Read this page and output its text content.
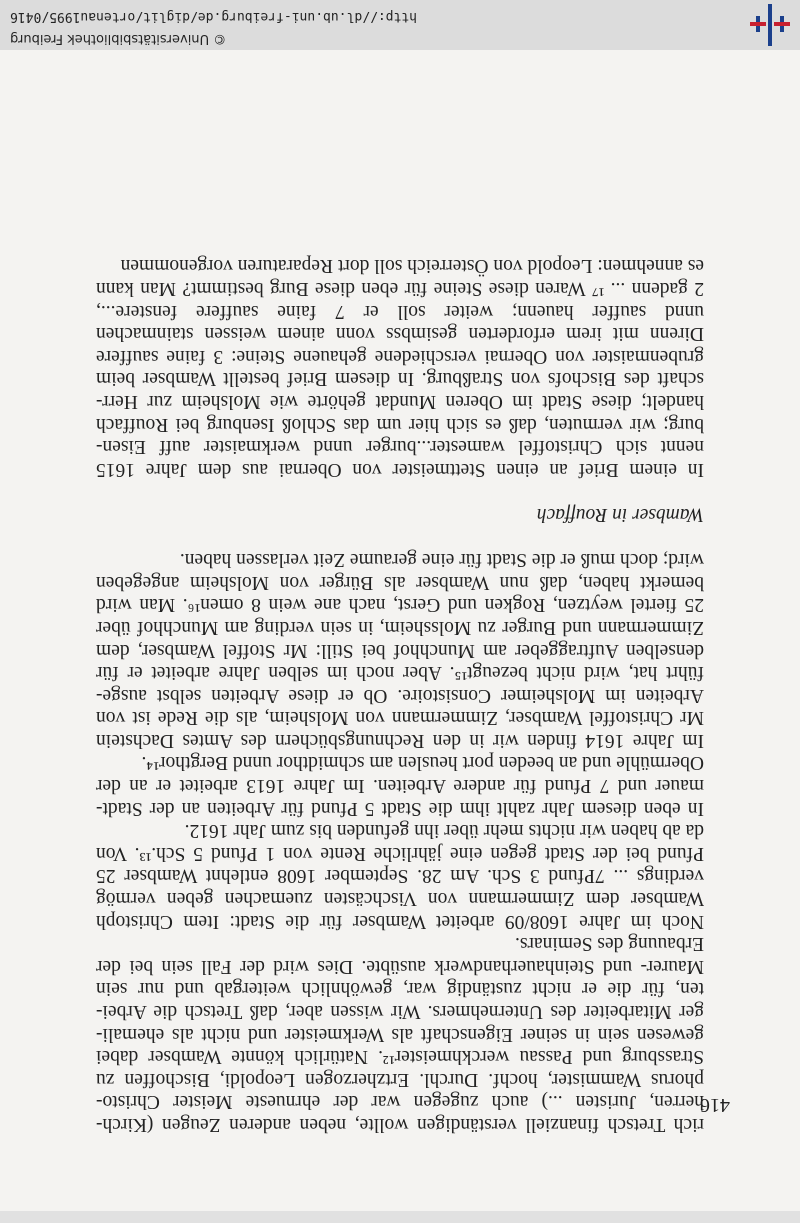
© Universitätsbibliothek Freiburg
http://dl.ub.uni-freiburg.de/diglit/ortenau1995/0416
416
rich Tretsch finanziell verständigen wollte, neben anderen Zeugen (Kirch-
herren, Juristen ...) auch zugegen war der ehrnueste Meister Christo-
phorus Wammister, hochf. Durchl. Ertzherzogen Leopoldi, Bischoffen zu
Strassburg und Passau werckhmeister¹². Natürlich könnte Wambser dabei
gewesen sein in seiner Eigenschaft als Werkmeister und nicht als ehemali-
ger Mitarbeiter des Unternehmers. Wir wissen aber, daß Tretsch die Arbei-
ten, für die er nicht zuständig war, gewöhnlich weitergab und nur sein
Maurer- und Steinhauerhandwerk ausübte. Dies wird der Fall sein bei der
Erbauung des Seminars.
Noch im Jahre 1608/09 arbeitet Wambser für die Stadt: Item Christoph
Wambser dem Zimmermann von Vischcästen zuemachen geben vermög
verdings ... 7Pfund 3 Sch. Am 28. September 1608 entlehnt Wambser 25
Pfund bei der Stadt gegen eine jährliche Rente von 1 Pfund 5 Sch.¹³. Von
da ab haben wir nichts mehr über ihn gefunden bis zum Jahr 1612.
In eben diesem Jahr zahlt ihm die Stadt 5 Pfund für Arbeiten an der Stadt-
mauer und 7 Pfund für andere Arbeiten. Im Jahre 1613 arbeitet er an der
Obermühle und an beeden port heuslen am schmidthor unnd Bergthor¹⁴.
Im Jahre 1614 finden wir in den Rechnungsbüchern des Amtes Dachstein
Mr Christoffel Wambser, Zimmermann von Molsheim, als die Rede ist von
Arbeiten im Molsheimer Consistoire. Ob er diese Arbeiten selbst ausge-
führt hat, wird nicht bezeugt¹⁵. Aber noch im selben Jahre arbeitet er für
denselben Auftraggeber am Munchhof bei Still: Mr Stoffel Wambser, dem
Zimmermann und Burger zu Molssheim, in sein verding am Munchhof über
25 fiertel weytzen, Rogken und Gerst, nach ane wein 8 omen¹⁶. Man wird
bemerkt haben, daß nun Wambser als Bürger von Molsheim angegeben
wird; doch muß er die Stadt für eine geraume Zeit verlassen haben.
Wambser in Rouffach
In einem Brief an einen Stettmeister von Obernai aus dem Jahre 1615
nennt sich Christoffel wamester...burger unnd werkmaister auff Eisen-
burg; wir vermuten, daß es sich hier um das Schloß Isenburg bei Rouffach
handelt; diese Stadt im Oberen Mundat gehörte wie Molsheim zur Herr-
schaft des Bischofs von Straßburg. In diesem Brief bestellt Wambser beim
grubenmaister von Obernai verschiedene gehauene Steine: 3 faine sauffere
Direnn mit irem erforderten gesimbss vonn ainem weissen stainmachen
unnd sauffer hauenn; weiter soll er 7 faine sauffere fenstere...,
2 gadenn ... ¹⁷ Waren diese Steine für eben diese Burg bestimmt? Man kann
es annehmen: Leopold von Österreich soll dort Reparaturen vorgenommen
